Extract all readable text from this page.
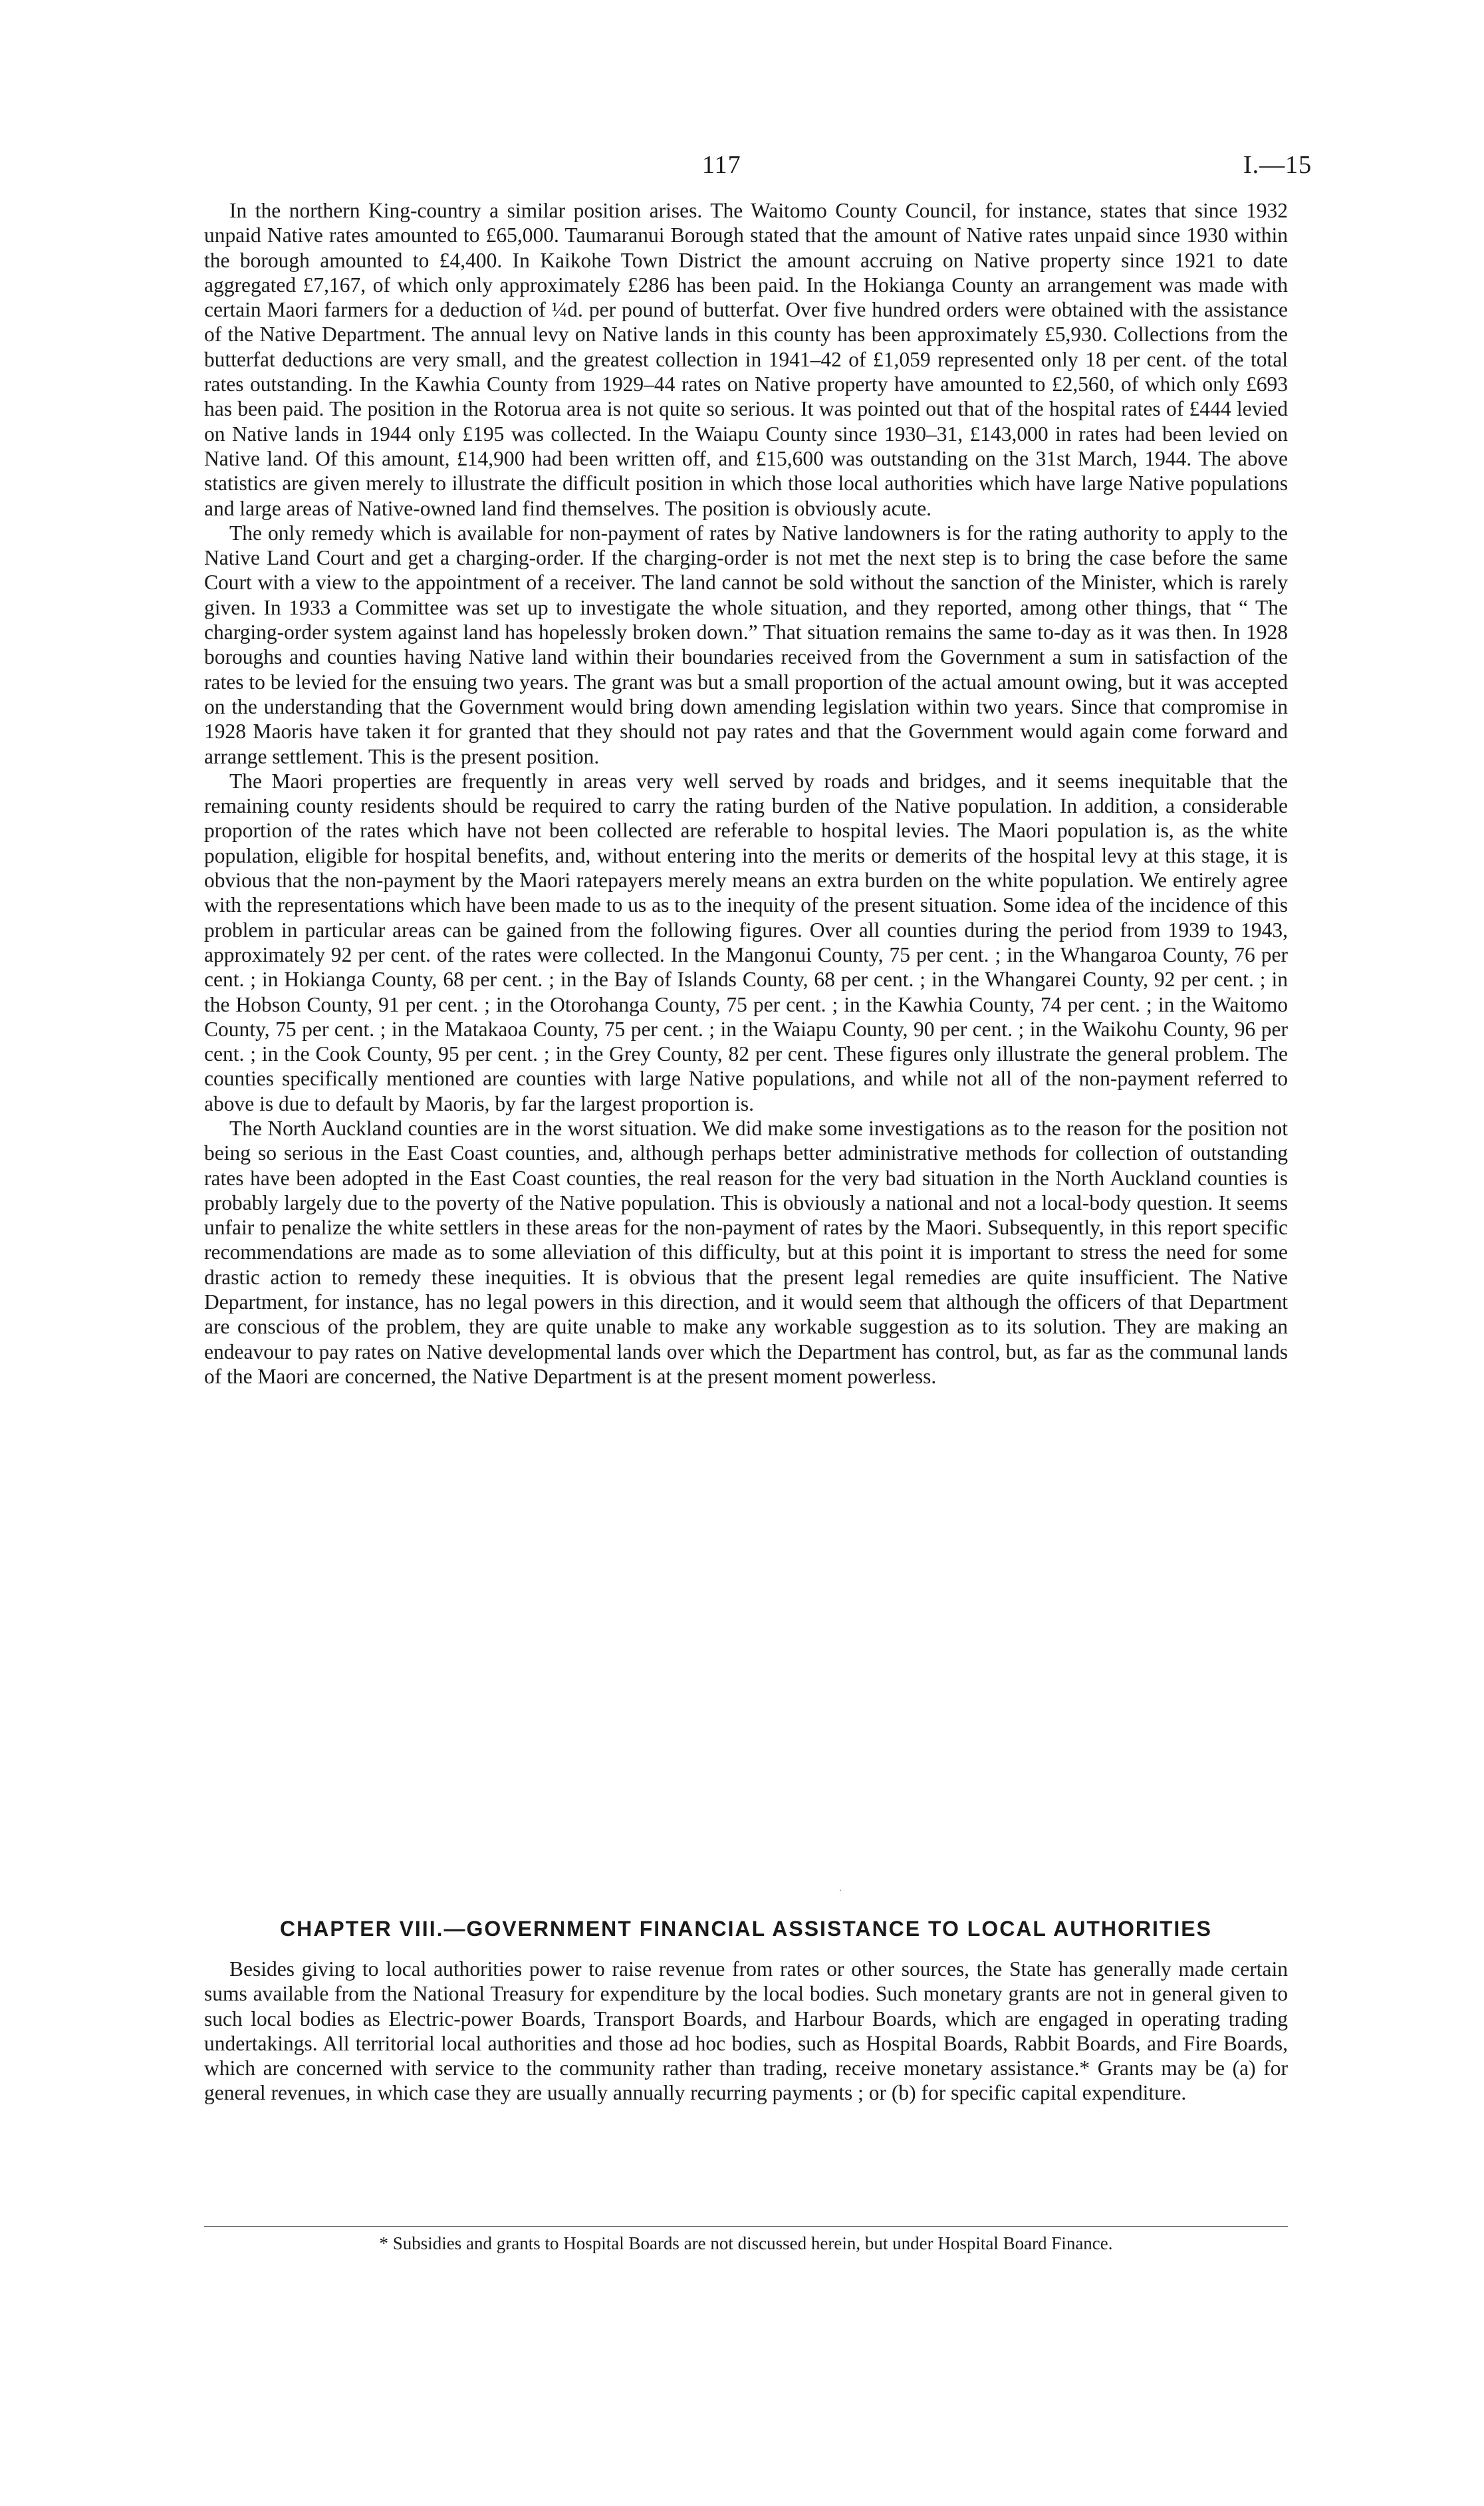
117	I.—15

In the northern King-country a similar position arises. The Waitomo County Council, for instance, states that since 1932 unpaid Native rates amounted to £65,000. Taumaranui Borough stated that the amount of Native rates unpaid since 1930 within the borough amounted to £4,400. In Kaikohe Town District the amount accruing on Native property since 1921 to date aggregated £7,167, of which only approximately £286 has been paid. In the Hokianga County an arrangement was made with certain Maori farmers for a deduction of ¼d. per pound of butterfat. Over five hundred orders were obtained with the assistance of the Native Department. The annual levy on Native lands in this county has been approximately £5,930. Collections from the butterfat deductions are very small, and the greatest collection in 1941–42 of £1,059 represented only 18 per cent. of the total rates outstanding. In the Kawhia County from 1929–44 rates on Native property have amounted to £2,560, of which only £693 has been paid. The position in the Rotorua area is not quite so serious. It was pointed out that of the hospital rates of £444 levied on Native lands in 1944 only £195 was collected. In the Waiapu County since 1930–31, £143,000 in rates had been levied on Native land. Of this amount, £14,900 had been written off, and £15,600 was outstanding on the 31st March, 1944. The above statistics are given merely to illustrate the difficult position in which those local authorities which have large Native populations and large areas of Native-owned land find themselves. The position is obviously acute.

The only remedy which is available for non-payment of rates by Native landowners is for the rating authority to apply to the Native Land Court and get a charging-order. If the charging-order is not met the next step is to bring the case before the same Court with a view to the appointment of a receiver. The land cannot be sold without the sanction of the Minister, which is rarely given. In 1933 a Committee was set up to investigate the whole situation, and they reported, among other things, that “ The charging-order system against land has hopelessly broken down.” That situation remains the same to-day as it was then. In 1928 boroughs and counties having Native land within their boundaries received from the Government a sum in satisfaction of the rates to be levied for the ensuing two years. The grant was but a small proportion of the actual amount owing, but it was accepted on the understanding that the Government would bring down amending legislation within two years. Since that compromise in 1928 Maoris have taken it for granted that they should not pay rates and that the Government would again come forward and arrange settlement. This is the present position.

The Maori properties are frequently in areas very well served by roads and bridges, and it seems inequitable that the remaining county residents should be required to carry the rating burden of the Native population. In addition, a considerable proportion of the rates which have not been collected are referable to hospital levies. The Maori population is, as the white population, eligible for hospital benefits, and, without entering into the merits or demerits of the hospital levy at this stage, it is obvious that the non-payment by the Maori ratepayers merely means an extra burden on the white population. We entirely agree with the representations which have been made to us as to the inequity of the present situation. Some idea of the incidence of this problem in particular areas can be gained from the following figures. Over all counties during the period from 1939 to 1943, approximately 92 per cent. of the rates were collected. In the Mangonui County, 75 per cent. ; in the Whangaroa County, 76 per cent. ; in Hokianga County, 68 per cent. ; in the Bay of Islands County, 68 per cent. ; in the Whangarei County, 92 per cent. ; in the Hobson County, 91 per cent. ; in the Otorohanga County, 75 per cent. ; in the Kawhia County, 74 per cent. ; in the Waitomo County, 75 per cent. ; in the Matakaoa County, 75 per cent. ; in the Waiapu County, 90 per cent. ; in the Waikohu County, 96 per cent. ; in the Cook County, 95 per cent. ; in the Grey County, 82 per cent. These figures only illustrate the general problem. The counties specifically mentioned are counties with large Native populations, and while not all of the non-payment referred to above is due to default by Maoris, by far the largest proportion is.

The North Auckland counties are in the worst situation. We did make some investigations as to the reason for the position not being so serious in the East Coast counties, and, although perhaps better administrative methods for collection of outstanding rates have been adopted in the East Coast counties, the real reason for the very bad situation in the North Auckland counties is probably largely due to the poverty of the Native population. This is obviously a national and not a local-body question. It seems unfair to penalize the white settlers in these areas for the non-payment of rates by the Maori. Subsequently, in this report specific recommendations are made as to some alleviation of this difficulty, but at this point it is important to stress the need for some drastic action to remedy these inequities. It is obvious that the present legal remedies are quite insufficient. The Native Department, for instance, has no legal powers in this direction, and it would seem that although the officers of that Department are conscious of the problem, they are quite unable to make any workable suggestion as to its solution. They are making an endeavour to pay rates on Native developmental lands over which the Department has control, but, as far as the communal lands of the Maori are concerned, the Native Department is at the present moment powerless.

·
CHAPTER VIII.—GOVERNMENT FINANCIAL ASSISTANCE TO LOCAL AUTHORITIES

Besides giving to local authorities power to raise revenue from rates or other sources, the State has generally made certain sums available from the National Treasury for expenditure by the local bodies. Such monetary grants are not in general given to such local bodies as Electric-power Boards, Transport Boards, and Harbour Boards, which are engaged in operating trading undertakings. All territorial local authorities and those ad hoc bodies, such as Hospital Boards, Rabbit Boards, and Fire Boards, which are concerned with service to the community rather than trading, receive monetary assistance.* Grants may be (a) for general revenues, in which case they are usually annually recurring payments ; or (b) for specific capital expenditure.

* Subsidies and grants to Hospital Boards are not discussed herein, but under Hospital Board Finance.
